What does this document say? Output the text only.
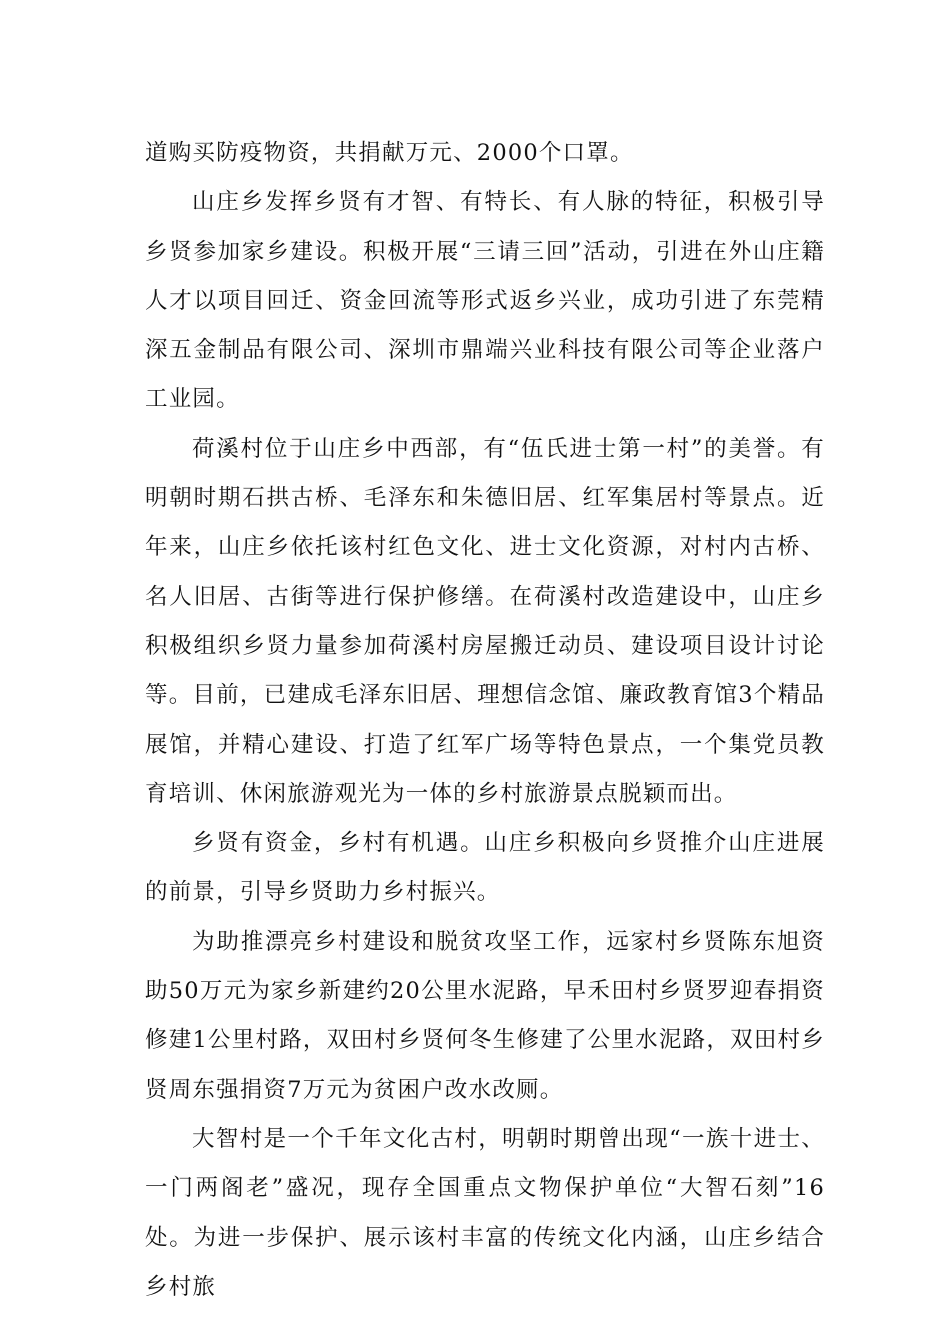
道购买防疫物资，共捐献万元、2000个口罩。

山庄乡发挥乡贤有才智、有特长、有人脉的特征，积极引导乡贤参加家乡建设。积极开展“三请三回”活动，引进在外山庄籍人才以项目回迁、资金回流等形式返乡兴业，成功引进了东莞精深五金制品有限公司、深圳市鼎端兴业科技有限公司等企业落户工业园。

荷溪村位于山庄乡中西部，有“伍氏进士第一村”的美誉。有明朝时期石拱古桥、毛泽东和朱德旧居、红军集居村等景点。近年来，山庄乡依托该村红色文化、进士文化资源，对村内古桥、名人旧居、古街等进行保护修缮。在荷溪村改造建设中，山庄乡积极组织乡贤力量参加荷溪村房屋搬迁动员、建设项目设计讨论等。目前，已建成毛泽东旧居、理想信念馆、廉政教育馆3个精品展馆，并精心建设、打造了红军广场等特色景点，一个集党员教育培训、休闲旅游观光为一体的乡村旅游景点脱颖而出。

乡贤有资金，乡村有机遇。山庄乡积极向乡贤推介山庄进展的前景，引导乡贤助力乡村振兴。

为助推漂亮乡村建设和脱贫攻坚工作，远家村乡贤陈东旭资助50万元为家乡新建约20公里水泥路，早禾田村乡贤罗迎春捐资修建1公里村路，双田村乡贤何冬生修建了公里水泥路，双田村乡贤周东强捐资7万元为贫困户改水改厕。

大智村是一个千年文化古村，明朝时期曾出现“一族十进士、一门两阁老”盛况，现存全国重点文物保护单位“大智石刻”16处。为进一步保护、展示该村丰富的传统文化内涵，山庄乡结合乡村旅
